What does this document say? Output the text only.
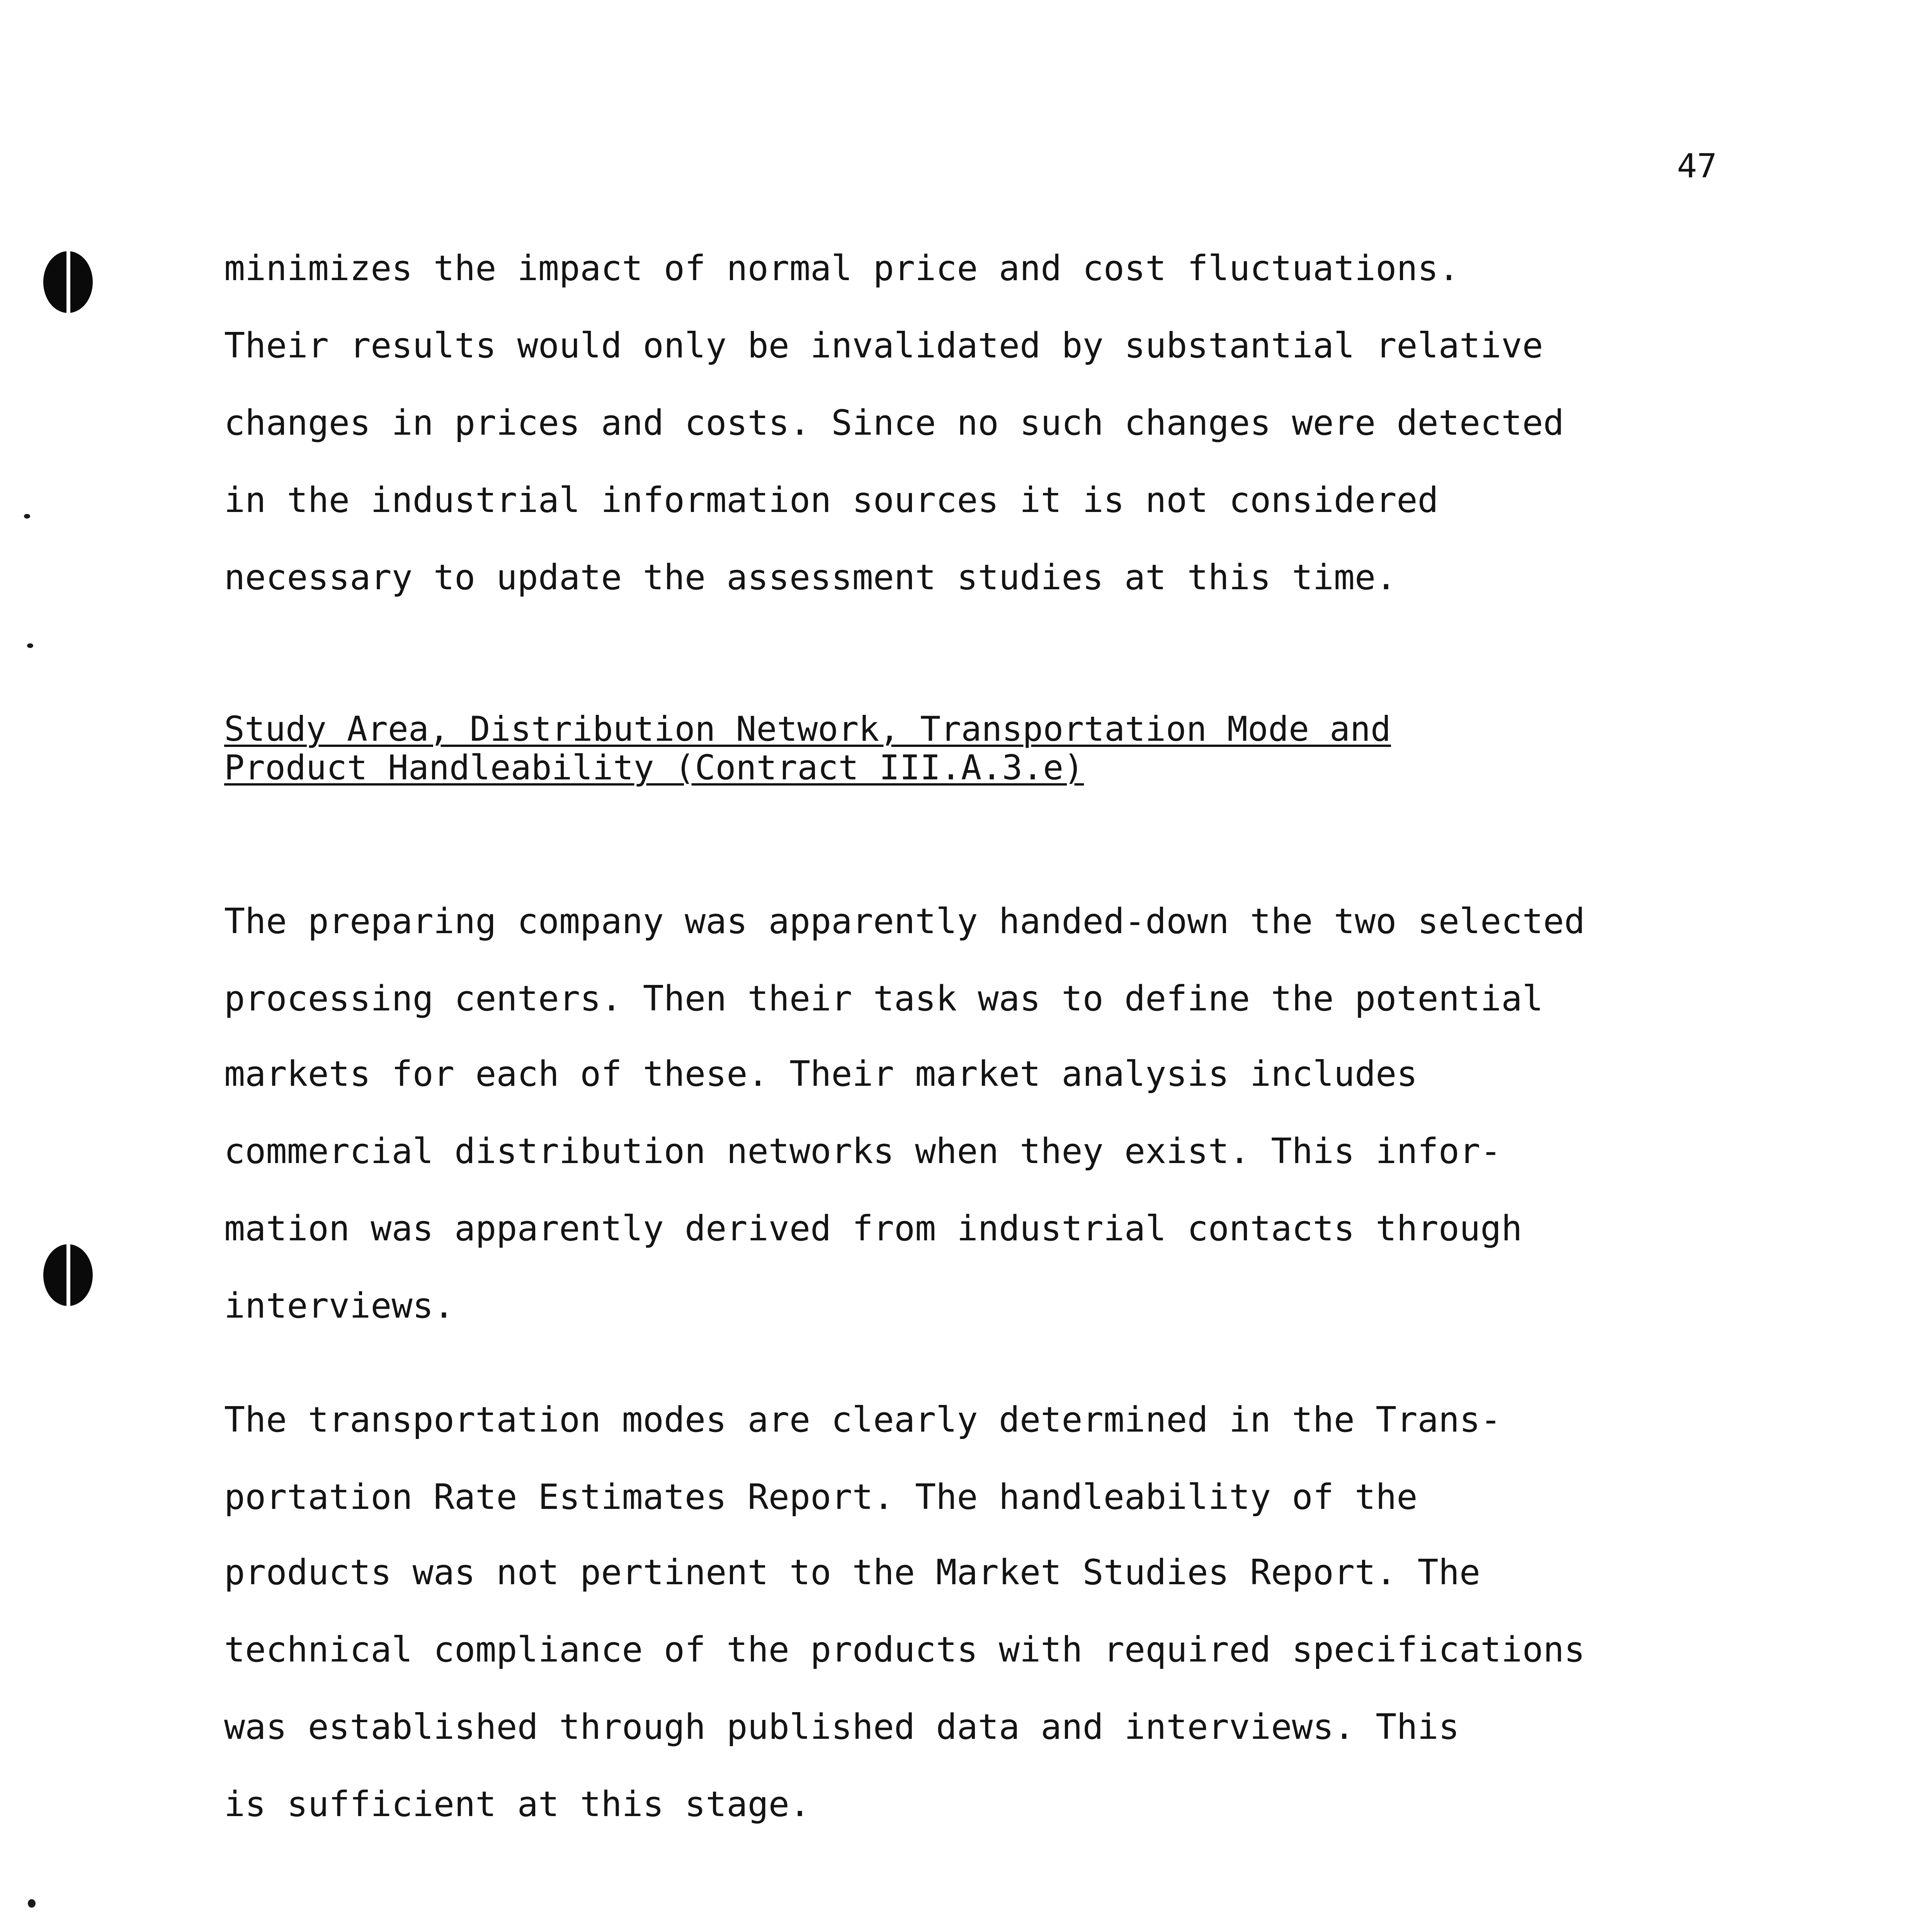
47
minimizes the impact of normal price and cost fluctuations.
Their results would only be invalidated by substantial relative
changes in prices and costs. Since no such changes were detected
in the industrial information sources it is not considered
necessary to update the assessment studies at this time.
Study Area, Distribution Network, Transportation Mode and
Product Handleability (Contract III.A.3.e)
The preparing company was apparently handed-down the two selected
processing centers. Then their task was to define the potential
markets for each of these. Their market analysis includes
commercial distribution networks when they exist. This infor-
mation was apparently derived from industrial contacts through
interviews.
The transportation modes are clearly determined in the Trans-
portation Rate Estimates Report. The handleability of the
products was not pertinent to the Market Studies Report. The
technical compliance of the products with required specifications
was established through published data and interviews. This
is sufficient at this stage.
